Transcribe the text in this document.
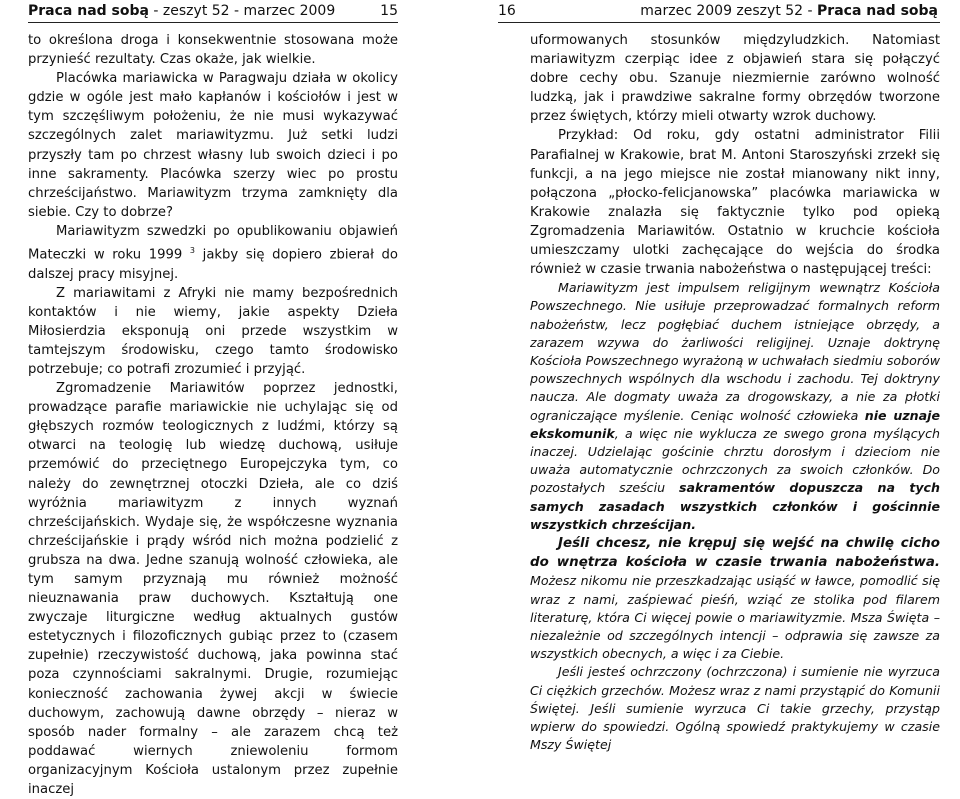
Praca nad sobą - zeszyt 52 - marzec 2009	15	16	marzec 2009 zeszyt 52 - Praca nad sobą

to określona droga i konsekwentnie stosowana może przynieść rezultaty. Czas okaże, jak wielkie.

Placówka mariawicka w Paragwaju działa w okolicy gdzie w ogóle jest mało kapłanów i kościołów i jest w tym szczęśliwym położeniu, że nie musi wykazywać szczególnych zalet mariawityzmu. Już setki ludzi przyszły tam po chrzest własny lub swoich dzieci i po inne sakramenty. Placówka szerzy wiec po prostu chrześcijaństwo. Mariawityzm trzyma zamknięty dla siebie. Czy to dobrze?

Mariawityzm szwedzki po opublikowaniu objawień Mateczki w roku 1999 $^3$ jakby się dopiero zbierał do dalszej pracy misyjnej.

Z mariawitami z Afryki nie mamy bezpośrednich kontaktów i nie wiemy, jakie aspekty Dzieła Miłosierdzia eksponują oni przede wszystkim w tamtejszym środowisku, czego tamto środowisko potrzebuje; co potrafi zrozumieć i przyjąć.

Zgromadzenie Mariawitów poprzez jednostki, prowadzące parafie mariawickie nie uchylając się od głębszych rozmów teologicznych z ludźmi, którzy są otwarci na teologię lub wiedzę duchową, usiłuje przemówić do przeciętnego Europejczyka tym, co należy do zewnętrznej otoczki Dzieła, ale co dziś wyróżnia mariawityzm z innych wyznań chrześcijańskich. Wydaje się, że współczesne wyznania chrześcijańskie i prądy wśród nich można podzielić z grubsza na dwa. Jedne szanują wolność człowieka, ale tym samym przyznają mu również możność nieuznawania praw duchowych. Kształtują one zwyczaje liturgiczne według aktualnych gustów estetycznych i filozoficznych gubiąc przez to (czasem zupełnie) rzeczywistość duchową, jaka powinna stać poza czynnościami sakralnymi. Drugie, rozumiejąc konieczność zachowania żywej akcji w świecie duchowym, zachowują dawne obrzędy – nieraz w sposób nader formalny – ale zarazem chcą też poddawać wiernych zniewoleniu formom organizacyjnym Kościoła ustalonym przez zupełnie inaczej

uformowanych stosunków międzyludzkich. Natomiast mariawityzm czerpiąc idee z objawień stara się połączyć dobre cechy obu. Szanuje niezmiernie zarówno wolność ludzką, jak i prawdziwe sakralne formy obrzędów tworzone przez świętych, którzy mieli otwarty wzrok duchowy.

Przykład: Od roku, gdy ostatni administrator Filii Parafialnej w Krakowie, brat M. Antoni Staroszyński zrzekł się funkcji, a na jego miejsce nie został mianowany nikt inny, połączona „płocko-felicjanowska” placówka mariawicka w Krakowie znalazła się faktycznie tylko pod opieką Zgromadzenia Mariawitów. Ostatnio w kruchcie kościoła umieszczamy ulotki zachęcające do wejścia do środka również w czasie trwania nabożeństwa o następującej treści:

Mariawityzm jest impulsem religijnym wewnątrz Kościoła Powszechnego. Nie usiłuje przeprowadzać formalnych reform nabożeństw, lecz pogłębiać duchem istniejące obrzędy, a zarazem wzywa do żarliwości religijnej. Uznaje doktrynę Kościoła Powszechnego wyrażoną w uchwałach siedmiu soborów powszechnych wspólnych dla wschodu i zachodu. Tej doktryny naucza. Ale dogmaty uważa za drogowskazy, a nie za płotki ograniczające myślenie. Ceniąc wolność człowieka nie uznaje ekskomunik, a więc nie wyklucza ze swego grona myślących inaczej. Udzielając gościnie chrztu dorosłym i dzieciom nie uważa automatycznie ochrzczonych za swoich członków. Do pozostałych sześciu sakramentów dopuszcza na tych samych zasadach wszystkich członków i gościnnie wszystkich chrześcijan.

Jeśli chcesz, nie krępuj się wejść na chwilę cicho do wnętrza kościoła w czasie trwania nabożeństwa. Możesz nikomu nie przeszkadzając usiąść w ławce, pomodlić się wraz z nami, zaśpiewać pieśń, wziąć ze stolika pod filarem literaturę, która Ci więcej powie o mariawityzmie. Msza Święta – niezależnie od szczególnych intencji – odprawia się zawsze za wszystkich obecnych, a więc i za Ciebie.

Jeśli jesteś ochrzczony (ochrzczona) i sumienie nie wyrzuca Ci ciężkich grzechów. Możesz wraz z nami przystąpić do Komunii Świętej. Jeśli sumienie wyrzuca Ci takie grzechy, przystąp wpierw do spowiedzi. Ogólną spowiedź praktykujemy w czasie Mszy Świętej
